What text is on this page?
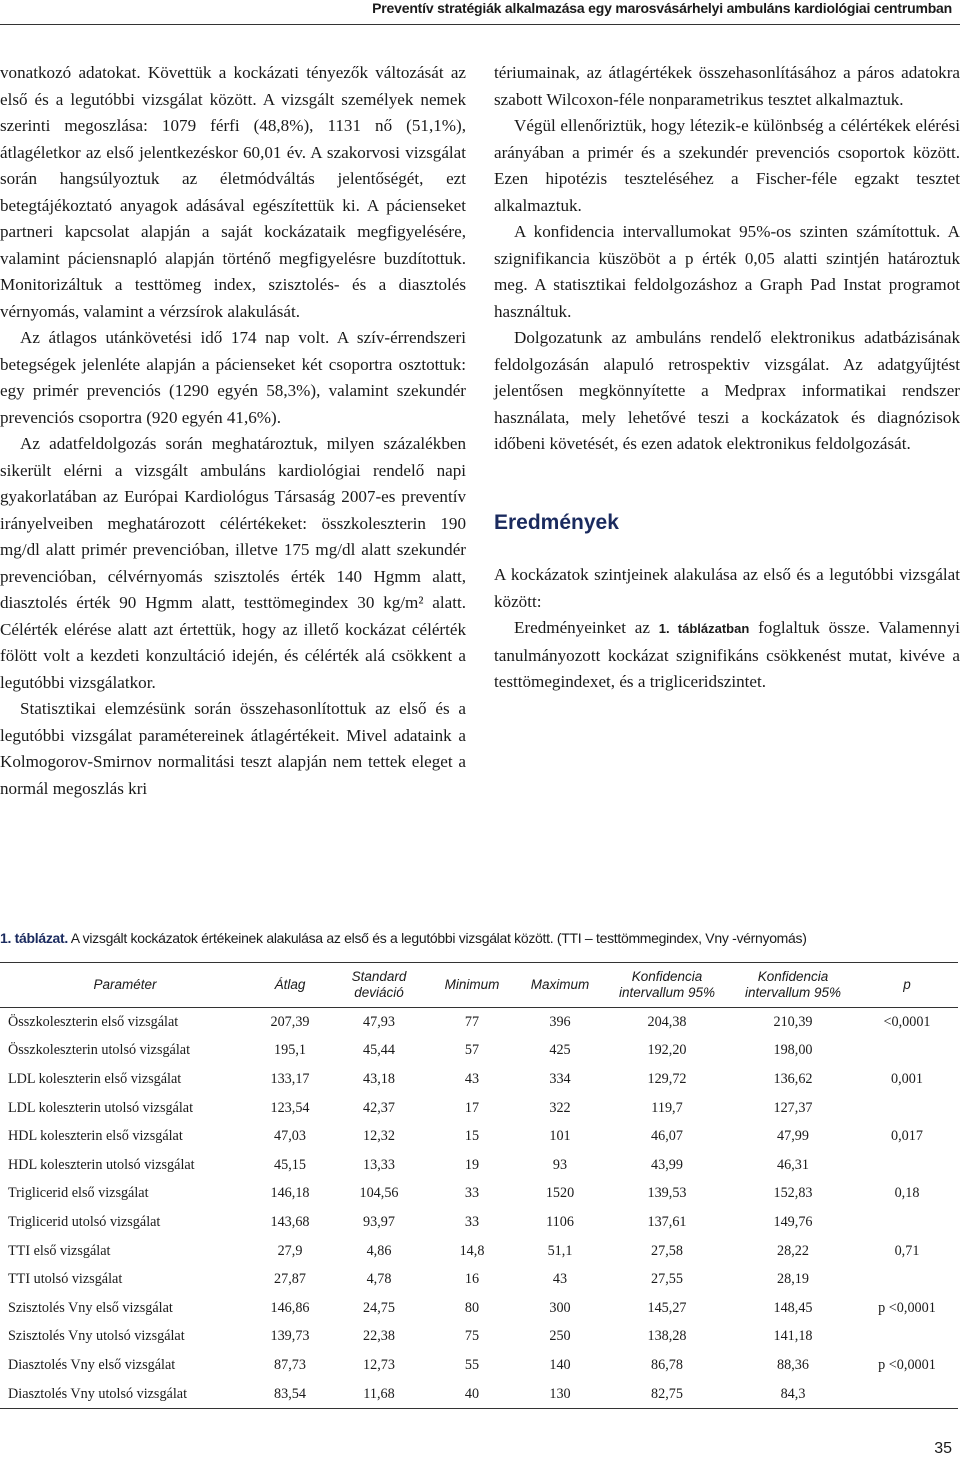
Preventív stratégiák alkalmazása egy marosvásárhelyi ambuláns kardiológiai centrumban

vonatkozó adatokat. Követtük a kockázati tényezők változását az első és a legutóbbi vizsgálat között. A vizsgált személyek nemek szerinti megoszlása: 1079 férfi (48,8%), 1131 nő (51,1%), átlagéletkor az első jelentkezéskor 60,01 év. A szakorvosi vizsgálat során hangsúlyoztuk az életmódváltás jelentőségét, ezt betegtájékoztató anyagok adásával egészítettük ki. A pácienseket partneri kapcsolat alapján a saját kockázataik megfigyelésére, valamint páciensnapló alapján történő megfigyelésre buzdítottuk. Monitorizáltuk a testtömeg index, szisztolés- és a diasztolés vérnyomás, valamint a vérzsírok alakulását.

Az átlagos utánkövetési idő 174 nap volt. A szív-érrendszeri betegségek jelenléte alapján a pácienseket két csoportra osztottuk: egy primér prevenciós (1290 egyén 58,3%), valamint szekundér prevenciós csoportra (920 egyén 41,6%).

Az adatfeldolgozás során meghatároztuk, milyen százalékben sikerült elérni a vizsgált ambuláns kardiológiai rendelő napi gyakorlatában az Európai Kardiológus Társaság 2007-es preventív irányelveiben meghatározott célértékeket: összkoleszterin 190 mg/dl alatt primér prevencióban, illetve 175 mg/dl alatt szekundér prevencióban, célvérnyomás szisztolés érték 140 Hgmm alatt, diasztolés érték 90 Hgmm alatt, testtömegindex 30 kg/m² alatt. Célérték elérése alatt azt értettük, hogy az illető kockázat célérték fölött volt a kezdeti konzultáció idején, és célérték alá csökkent a legutóbbi vizsgálatkor.

Statisztikai elemzésünk során összehasonlítottuk az első és a legutóbbi vizsgálat paramétereinek átlagértékeit. Mivel adataink a Kolmogorov-Smirnov normalitási teszt alapján nem tettek eleget a normál megoszlás kri

tériumainak, az átlagértékek összehasonlításához a páros adatokra szabott Wilcoxon-féle nonparametrikus tesztet alkalmaztuk.

Végül ellenőriztük, hogy létezik-e különbség a célértékek elérési arányában a primér és a szekundér prevenciós csoportok között. Ezen hipotézis teszteléséhez a Fischer-féle egzakt tesztet alkalmaztuk.

A konfidencia intervallumokat 95%-os szinten számítottuk. A szignifikancia küszöböt a p érték 0,05 alatti szintjén határoztuk meg. A statisztikai feldolgozáshoz a Graph Pad Instat programot használtuk.

Dolgozatunk az ambuláns rendelő elektronikus adatbázisának feldolgozásán alapuló retrospektiv vizsgálat. Az adatgyűjtést jelentősen megkönnyítette a Medprax informatikai rendszer használata, mely lehetővé teszi a kockázatok és diagnózisok időbeni követését, és ezen adatok elektronikus feldolgozását.

Eredmények

A kockázatok szintjeinek alakulása az első és a legutóbbi vizsgálat között:

Eredményeinket az 1. táblázatban foglaltuk össze. Valamennyi tanulmányozott kockázat szignifikáns csökkenést mutat, kivéve a testtömegindexet, és a trigliceridszintet.

1. táblázat. A vizsgált kockázatok értékeinek alakulása az első és a legutóbbi vizsgálat között. (TTI – testtömmegindex, Vny -vérnyomás)
Paraméter	Átlag	Standard deviáció	Minimum	Maximum	Konfidencia intervallum 95%	Konfidencia intervallum 95%	p
Összkoleszterin első vizsgálat	207,39	47,93	77	396	204,38	210,39	<0,0001
Összkoleszterin utolsó vizsgálat	195,1	45,44	57	425	192,20	198,00	
LDL koleszterin első vizsgálat	133,17	43,18	43	334	129,72	136,62	0,001
LDL koleszterin utolsó vizsgálat	123,54	42,37	17	322	119,7	127,37	
HDL koleszterin első vizsgálat	47,03	12,32	15	101	46,07	47,99	0,017
HDL koleszterin utolsó vizsgálat	45,15	13,33	19	93	43,99	46,31	
Triglicerid első vizsgálat	146,18	104,56	33	1520	139,53	152,83	0,18
Triglicerid utolsó vizsgálat	143,68	93,97	33	1106	137,61	149,76	
TTI első vizsgálat	27,9	4,86	14,8	51,1	27,58	28,22	0,71
TTI utolsó vizsgálat	27,87	4,78	16	43	27,55	28,19	
Szisztolés Vny első vizsgálat	146,86	24,75	80	300	145,27	148,45	p <0,0001
Szisztolés Vny utolsó vizsgálat	139,73	22,38	75	250	138,28	141,18	
Diasztolés Vny első vizsgálat	87,73	12,73	55	140	86,78	88,36	p <0,0001
Diasztolés Vny utolsó vizsgálat	83,54	11,68	40	130	82,75	84,3	
35
